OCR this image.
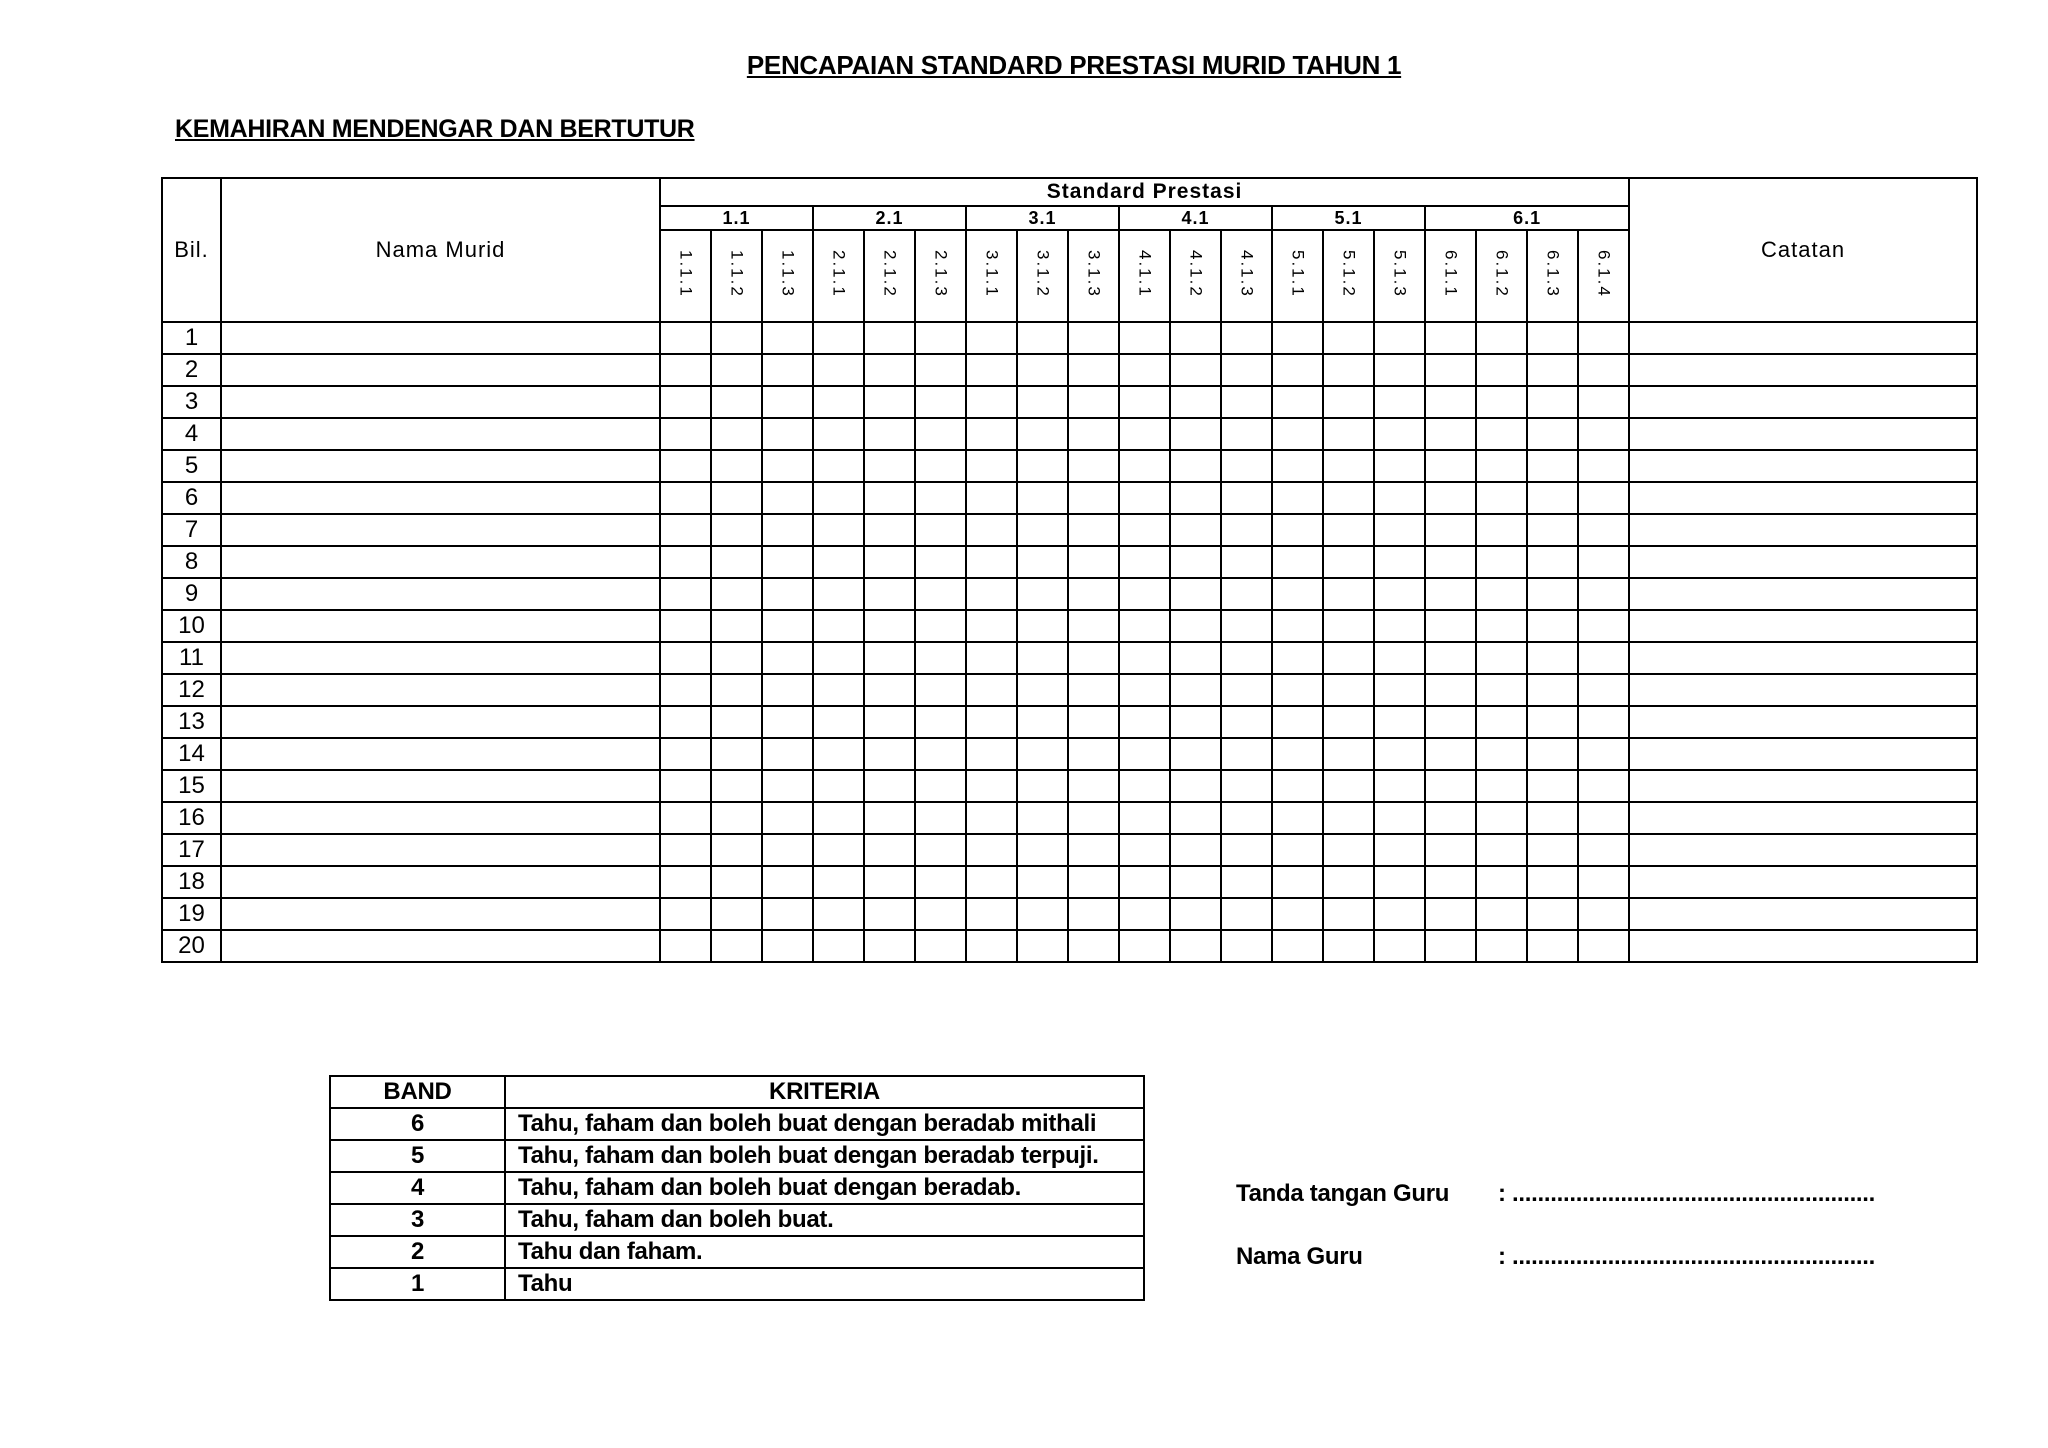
PENCAPAIAN STANDARD PRESTASI MURID TAHUN 1
KEMAHIRAN MENDENGAR DAN BERTUTUR
Bil.	Nama Murid	Standard Prestasi																			Catatan
		1.1			2.1			3.1			4.1			5.1			6.1				
		1.1.1	1.1.2	1.1.3	2.1.1	2.1.2	2.1.3	3.1.1	3.1.2	3.1.3	4.1.1	4.1.2	4.1.3	5.1.1	5.1.2	5.1.3	6.1.1	6.1.2	6.1.3	6.1.4	
1																					
2																					
3																					
4																					
5																					
6																					
7																					
8																					
9																					
10																					
11																					
12																					
13																					
14																					
15																					
16																					
17																					
18																					
19																					
20																					
BAND	KRITERIA
6	Tahu, faham dan boleh buat dengan beradab mithali
5	Tahu, faham dan boleh buat dengan beradab terpuji.
4	Tahu, faham dan boleh buat dengan beradab.
3	Tahu, faham dan boleh buat.
2	Tahu dan faham.
1	Tahu
Tanda tangan Guru : .........................................................
Nama Guru	: .........................................................
